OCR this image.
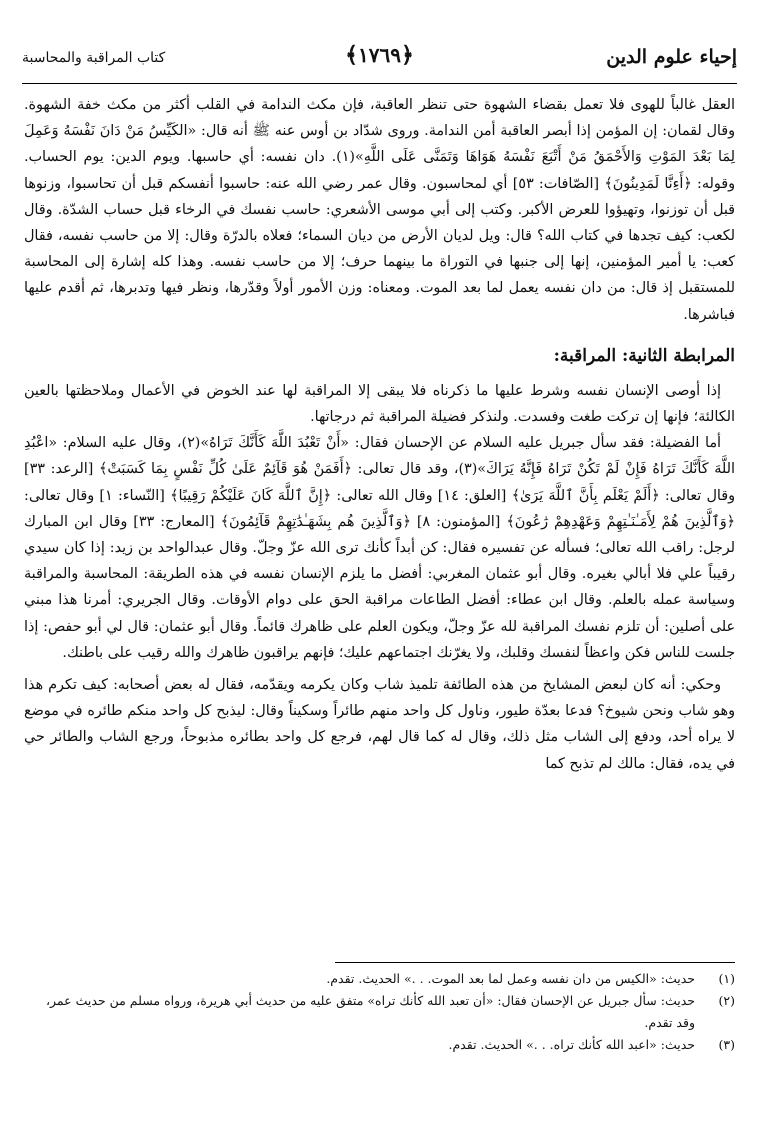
إحياء علوم الدين
﴿١٧٦٩﴾
كتاب المراقبة والمحاسبة

العقل غالباً للهوى فلا تعمل بقضاء الشهوة حتى تنظر العاقبة، فإن مكث الندامة في القلب أكثر من مكث خفة الشهوة. وقال لقمان: إن المؤمن إذا أبصر العاقبة أمن الندامة. وروى شدّاد بن أوس عنه ﷺ أنه قال: «الكَيِّسُ مَنْ دَانَ نَفْسَهُ وَعَمِلَ لِمَا بَعْدَ المَوْتِ وَالأَحْمَقُ مَنْ أَتْبَعَ نَفْسَهُ هَوَاهَا وَتَمَنَّى عَلَى اللَّهِ»(١). دان نفسه: أي حاسبها. ويوم الدين: يوم الحساب. وقوله: ﴿أَءِنَّا لَمَدِينُونَ﴾ [الصّافات: ٥٣] أي لمحاسبون. وقال عمر رضي الله عنه: حاسبوا أنفسكم قبل أن تحاسبوا، وزنوها قبل أن توزنوا، وتهيؤوا للعرض الأكبر. وكتب إلى أبي موسى الأشعري: حاسب نفسك في الرخاء قبل حساب الشدّة. وقال لكعب: كيف تجدها في كتاب الله؟ قال: ويل لديان الأرض من ديان السماء؛ فعلاه بالدرّة وقال: إلا من حاسب نفسه، فقال كعب: يا أمير المؤمنين، إنها إلى جنبها في التوراة ما بينهما حرف؛ إلا من حاسب نفسه. وهذا كله إشارة إلى المحاسبة للمستقبل إذ قال: من دان نفسه يعمل لما بعد الموت. ومعناه: وزن الأمور أولاً وقدّرها، ونظر فيها وتدبرها، ثم أقدم عليها فباشرها.

المرابطة الثانية: المراقبة:

إذا أوصى الإنسان نفسه وشرط عليها ما ذكرناه فلا يبقى إلا المراقبة لها عند الخوض في الأعمال وملاحظتها بالعين الكالئة؛ فإنها إن تركت طغت وفسدت. ولنذكر فضيلة المراقبة ثم درجاتها.

أما الفضيلة: فقد سأل جبريل عليه السلام عن الإحسان فقال: «أَنْ تَعْبُدَ اللَّهَ كَأَنَّكَ تَرَاهُ»(٢)، وقال عليه السلام: «اعْبُدِ اللَّهَ كَأَنَّكَ تَرَاهُ فَإِنْ لَمْ تَكُنْ تَرَاهُ فَإِنَّهُ يَرَاكَ»(٣)، وقد قال تعالى: ﴿أَفَمَنْ هُوَ قَآئِمٌ عَلَىٰ كُلِّ نَفْسٍ بِمَا كَسَبَتْ﴾ [الرعد: ٣٣] وقال تعالى: ﴿أَلَمْ يَعْلَم بِأَنَّ ٱللَّهَ يَرَىٰ﴾ [العلق: ١٤] وقال الله تعالى: ﴿إِنَّ ٱللَّهَ كَانَ عَلَيْكُمْ رَقِيبًا﴾ [النّساء: ١] وقال تعالى: ﴿وَٱلَّذِينَ هُمْ لِأَمَـٰنَـٰتِهِمْ وَعَهْدِهِمْ رَٰعُونَ﴾ [المؤمنون: ٨] ﴿وَٱلَّذِينَ هُم بِشَهَـٰدَٰتِهِمْ قَآئِمُونَ﴾ [المعارج: ٣٣] وقال ابن المبارك لرجل: راقب الله تعالى؛ فسأله عن تفسيره فقال: كن أبداً كأنك ترى الله عزّ وجلّ. وقال عبدالواحد بن زيد: إذا كان سيدي رقيباً علي فلا أبالي بغيره. وقال أبو عثمان المغربي: أفضل ما يلزم الإنسان نفسه في هذه الطريقة: المحاسبة والمراقبة وسياسة عمله بالعلم. وقال ابن عطاء: أفضل الطاعات مراقبة الحق على دوام الأوقات. وقال الجريري: أمرنا هذا مبني على أصلين: أن تلزم نفسك المراقبة لله عزّ وجلّ، ويكون العلم على ظاهرك قائماً. وقال أبو عثمان: قال لي أبو حفص: إذا جلست للناس فكن واعظاً لنفسك وقلبك، ولا يغرّنك اجتماعهم عليك؛ فإنهم يراقبون ظاهرك والله رقيب على باطنك.

وحكي: أنه كان لبعض المشايخ من هذه الطائفة تلميذ شاب وكان يكرمه ويقدّمه، فقال له بعض أصحابه: كيف تكرم هذا وهو شاب ونحن شيوخ؟ فدعا بعدّة طيور، وناول كل واحد منهم طائراً وسكيناً وقال: ليذبح كل واحد منكم طائره في موضع لا يراه أحد، ودفع إلى الشاب مثل ذلك، وقال له كما قال لهم، فرجع كل واحد بطائره مذبوحاً، ورجع الشاب والطائر حي في يده، فقال: مالك لم تذبح كما

(١)
حديث: «الكيس من دان نفسه وعمل لما بعد الموت. . .» الحديث. تقدم.
(٢)
حديث: سأل جبريل عن الإحسان فقال: «أن تعبد الله كأنك تراه» متفق عليه من حديث أبي هريرة، ورواه مسلم من حديث عمر، وقد تقدم.
(٣)
حديث: «اعبد الله كأنك تراه. . .» الحديث. تقدم.
